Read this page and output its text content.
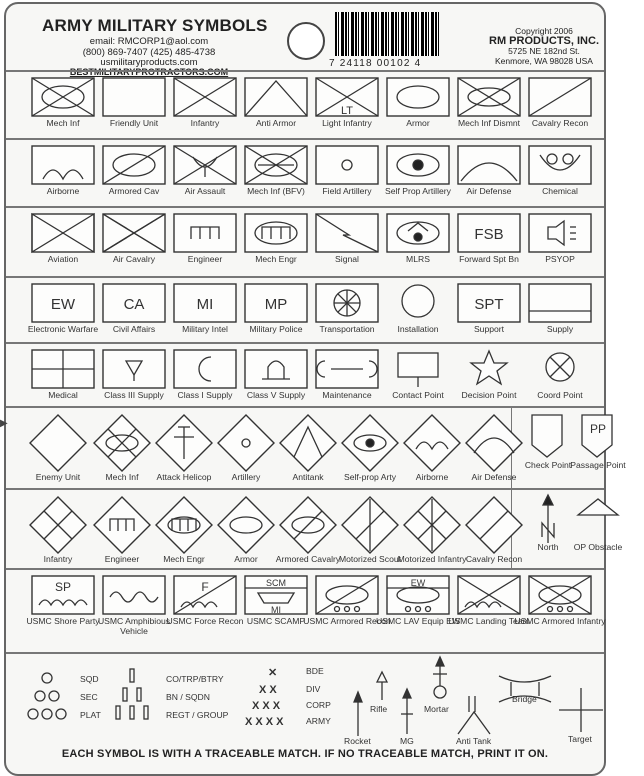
ARMY MILITARY SYMBOLS
email: RMCORP1@aol.com
(800) 869-7407 (425) 485-4738
usmilitaryproducts.com
BESTMILITARYPROTRACTORS.COM
7 24118 00102 4
Copyright 2006
RM PRODUCTS, INC.
5725 NE 182nd St.
Kenmore, WA 98028 USA
Mech Inf	Friendly Unit	Infantry	Anti Armor
LT
Light Infantry	Armor	Mech Inf Dismnt	Cavalry Recon
Airborne	Armored Cav	Air Assault	Mech Inf (BFV)	Field Artillery	Self Prop Artillery	Air Defense	Chemical
Aviation	Air Cavalry	Engineer	Mech Engr	Signal	MLRS
FSB
Forward Spt Bn	PSYOP
EW
Electronic Warfare
CA
Civil Affairs
MI
Military Intel
MP
Military Police	Transportation	Installation
SPT
Support	Supply
Medical	Class III Supply	Class I Supply	Class V Supply	Maintenance	Contact Point	Decision Point	Coord Point
Enemy Unit	Mech Inf	Attack Helicop	Artillery	Antitank	Self-prop Arty	Airborne	Air Defense
Check Point
PP
Passage Point
Infantry	Engineer	Mech Engr	Armor	Armored Cavalry
Motorized Scout
Motorized Infantry Cavalry Recon
North	OP Obstacle
SP
USMC Shore Party
USMC Amphibious Vehicle
F
USMC Force Recon
SCM
MI
USMC SCAMP
USMC Armored Recon
EW
USMC LAV Equip EW
USMC Landing Team
USMC Armored Infantry
SQD
SEC
PLAT
CO/TRP/BTRY
BN / SQDN
REGT / GROUP
✕
X X
X X X
X X X X
BDE
DIV
CORP
ARMY
Rocket
Rifle
MG
Mortar
Anti Tank
Bridge
Target
EACH SYMBOL IS WITH A TRACEABLE MATCH. IF NO TRACEABLE MATCH, PRINT IT ON.
▶
